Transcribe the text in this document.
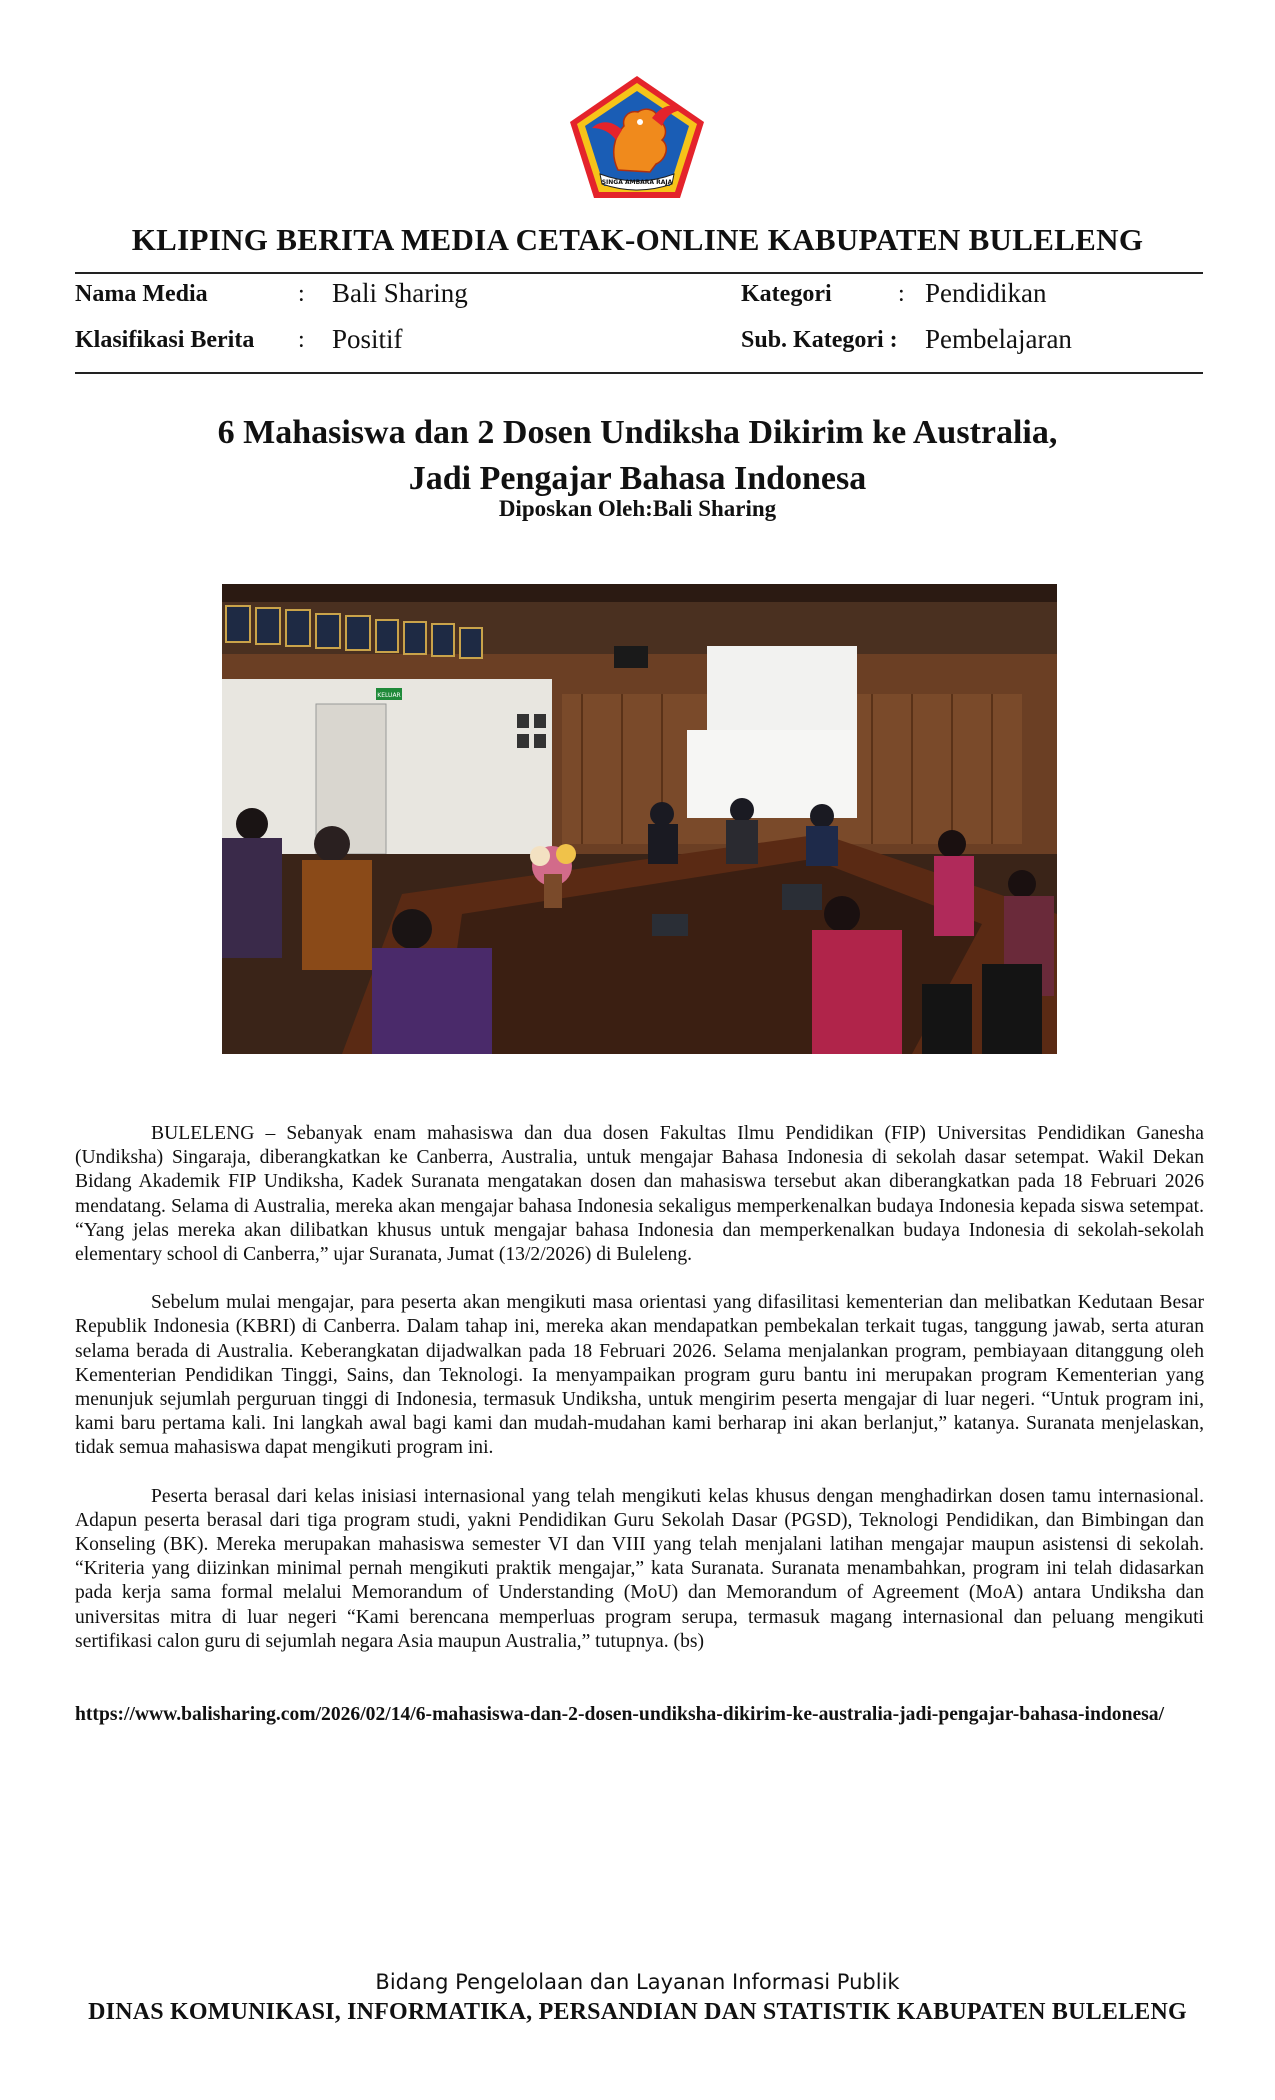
SINGA AMBARA RAJA
KLIPING BERITA MEDIA CETAK-ONLINE KABUPATEN BULELENG
Nama Media	: Bali Sharing
Klasifikasi Berita : Positif
Kategori	: Pendidikan
Sub. Kategori : Pembelajaran
6 Mahasiswa dan 2 Dosen Undiksha Dikirim ke Australia,
Jadi Pengajar Bahasa Indonesa
Diposkan Oleh:Bali Sharing
KELUAR

BULELENG – Sebanyak enam mahasiswa dan dua dosen Fakultas Ilmu Pendidikan (FIP) Universitas Pendidikan Ganesha (Undiksha) Singaraja, diberangkatkan ke Canberra, Australia, untuk mengajar Bahasa Indonesia di sekolah dasar setempat. Wakil Dekan Bidang Akademik FIP Undiksha, Kadek Suranata mengatakan dosen dan mahasiswa tersebut akan diberangkatkan pada 18 Februari 2026 mendatang. Selama di Australia, mereka akan mengajar bahasa Indonesia sekaligus memperkenalkan budaya Indonesia kepada siswa setempat. “Yang jelas mereka akan dilibatkan khusus untuk mengajar bahasa Indonesia dan memperkenalkan budaya Indonesia di sekolah-sekolah elementary school di Canberra,” ujar Suranata, Jumat (13/2/2026) di Buleleng.

Sebelum mulai mengajar, para peserta akan mengikuti masa orientasi yang difasilitasi kementerian dan melibatkan Kedutaan Besar Republik Indonesia (KBRI) di Canberra. Dalam tahap ini, mereka akan mendapatkan pembekalan terkait tugas, tanggung jawab, serta aturan selama berada di Australia. Keberangkatan dijadwalkan pada 18 Februari 2026. Selama menjalankan program, pembiayaan ditanggung oleh Kementerian Pendidikan Tinggi, Sains, dan Teknologi. Ia menyampaikan program guru bantu ini merupakan program Kementerian yang menunjuk sejumlah perguruan tinggi di Indonesia, termasuk Undiksha, untuk mengirim peserta mengajar di luar negeri. “Untuk program ini, kami baru pertama kali. Ini langkah awal bagi kami dan mudah-mudahan kami berharap ini akan berlanjut,” katanya. Suranata menjelaskan, tidak semua mahasiswa dapat mengikuti program ini.

Peserta berasal dari kelas inisiasi internasional yang telah mengikuti kelas khusus dengan menghadirkan dosen tamu internasional. Adapun peserta berasal dari tiga program studi, yakni Pendidikan Guru Sekolah Dasar (PGSD), Teknologi Pendidikan, dan Bimbingan dan Konseling (BK). Mereka merupakan mahasiswa semester VI dan VIII yang telah menjalani latihan mengajar maupun asistensi di sekolah. “Kriteria yang diizinkan minimal pernah mengikuti praktik mengajar,” kata Suranata. Suranata menambahkan, program ini telah didasarkan pada kerja sama formal melalui Memorandum of Understanding (MoU) dan Memorandum of Agreement (MoA) antara Undiksha dan universitas mitra di luar negeri “Kami berencana memperluas program serupa, termasuk magang internasional dan peluang mengikuti sertifikasi calon guru di sejumlah negara Asia maupun Australia,” tutupnya. (bs)

https://www.balisharing.com/2026/02/14/6-mahasiswa-dan-2-dosen-undiksha-dikirim-ke-australia-jadi-pengajar-bahasa-indonesa/
Bidang Pengelolaan dan Layanan Informasi Publik
DINAS KOMUNIKASI, INFORMATIKA, PERSANDIAN DAN STATISTIK KABUPATEN BULELENG
